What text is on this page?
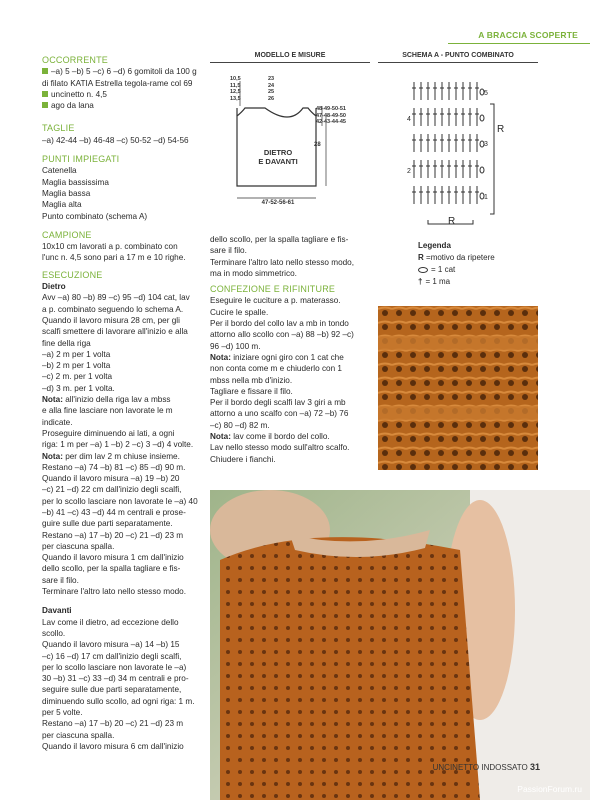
A BRACCIA SCOPERTE

OCCORRENTE

–a) 5 –b) 5 –c) 6 –d) 6 gomitoli da 100 g

di filato KATIA Estrella tegola-rame col 69

uncinetto n. 4,5

ago da lana

TAGLIE

–a) 42-44 –b) 46-48 –c) 50-52 –d) 54-56

PUNTI IMPIEGATI

Catenella

Maglia bassissima

Maglia bassa

Maglia alta

Punto combinato (schema A)

CAMPIONE

10x10 cm lavorati a p. combinato con

l'unc n. 4,5 sono pari a 17 m e 10 righe.

ESECUZIONE

Dietro

Avv –a) 80 –b) 89 –c) 95 –d) 104 cat, lav

a p. combinato seguendo lo schema A.

Quando il lavoro misura 28 cm, per gli

scalfi smettere di lavorare all'inizio e alla

fine della riga

–a) 2 m per 1 volta

–b) 2 m per 1 volta

–c) 2 m. per 1 volta

–d) 3 m. per 1 volta.

Nota: all'inizio della riga lav a mbss

e alla fine lasciare non lavorate le m

indicate.

Proseguire diminuendo ai lati, a ogni

riga: 1 m per –a) 1 –b) 2 –c) 3 –d) 4 volte.

Nota: per dim lav 2 m chiuse insieme.

Restano –a) 74 –b) 81 –c) 85 –d) 90 m.

Quando il lavoro misura –a) 19 –b) 20

–c) 21 –d) 22 cm dall'inizio degli scalfi,

per lo scollo lasciare non lavorate le –a) 40

–b) 41 –c) 43 –d) 44 m centrali e prose-

guire sulle due parti separatamente.

Restano –a) 17 –b) 20 –c) 21 –d) 23 m

per ciascuna spalla.

Quando il lavoro misura 1 cm dall'inizio

dello scollo, per la spalla tagliare e fis-

sare il filo.

Terminare l'altro lato nello stesso modo.

Davanti

Lav come il dietro, ad eccezione dello

scollo.

Quando il lavoro misura –a) 14 –b) 15

–c) 16 –d) 17 cm dall'inizio degli scalfi,

per lo scollo lasciare non lavorate le –a)

30 –b) 31 –c) 33 –d) 34 m centrali e pro-

seguire sulle due parti separatamente,

diminuendo sullo scollo, ad ogni riga: 1 m.

per 5 volte.

Restano –a) 17 –b) 20 –c) 21 –d) 23 m

per ciascuna spalla.

Quando il lavoro misura 6 cm dall'inizio

dello scollo, per la spalla tagliare e fis-

sare il filo.

Terminare l'altro lato nello stesso modo,

ma in modo simmetrico.

CONFEZIONE E RIFINITURE

Eseguire le cuciture a p. materasso.

Cucire le spalle.

Per il bordo del collo lav a mb in tondo

attorno allo scollo con –a) 88 –b) 92 –c)

96 –d) 100 m.

Nota: iniziare ogni giro con 1 cat che

non conta come m e chiuderlo con 1

mbss nella mb d'inizio.

Tagliare e fissare il filo.

Per il bordo degli scalfi lav 3 giri a mb

attorno a uno scalfo con –a) 72 –b) 76

–c) 80 –d) 82 m.

Nota: lav come il bordo del collo.

Lav nello stesso modo sull'altro scalfo.

Chiudere i fianchi.

MODELLO E MISURE
10,5
11,5
12,5
13,5
23
24
25
26
48-49-50-51
47-48-49-50
42-43-44-45
28
DIETRO
E DAVANTI
47-52-56-61
SCHEMA A - PUNTO COMBINATO
4
2
5
3
1
R
R
Legenda
R =motivo da ripetere
= 1 cat
† = 1 ma
UNCINETTO INDOSSATO 31
PassionForum.ru
